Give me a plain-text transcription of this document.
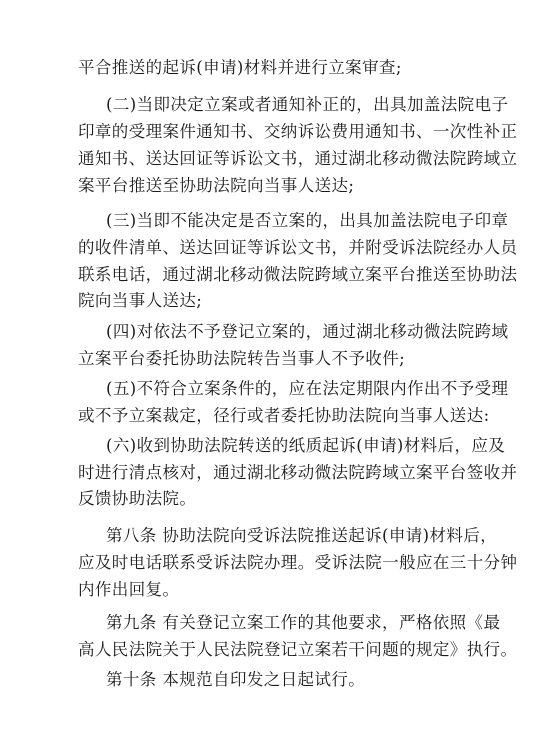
平合推送的起诉(申请)材料并进行立案审查;
(二)当即决定立案或者通知补正的，出具加盖法院电子
印章的受理案件通知书、交纳诉讼费用通知书、一次性补正
通知书、送达回证等诉讼文书，通过湖北移动微法院跨域立
案平台推送至协助法院向当事人送达;
(三)当即不能决定是否立案的，出具加盖法院电子印章
的收件清单、送达回证等诉讼文书，并附受诉法院经办人员
联系电话，通过湖北移动微法院跨域立案平台推送至协助法
院向当事人送达;
(四)对依法不予登记立案的，通过湖北移动微法院跨域
立案平台委托协助法院转告当事人不予收件;
(五)不符合立案条件的，应在法定期限内作出不予受理
或不予立案裁定，径行或者委托协助法院向当事人送达:
(六)收到协助法院转送的纸质起诉(申请)材料后，应及
时进行清点核对，通过湖北移动微法院跨域立案平台签收并
反馈协助法院。
第八条 协助法院向受诉法院推送起诉(申请)材料后，
应及时电话联系受诉法院办理。受诉法院一般应在三十分钟
内作出回复。
第九条 有关登记立案工作的其他要求，严格依照《最
高人民法院关于人民法院登记立案若干问题的规定》执行。
第十条 本规范自印发之日起试行。
